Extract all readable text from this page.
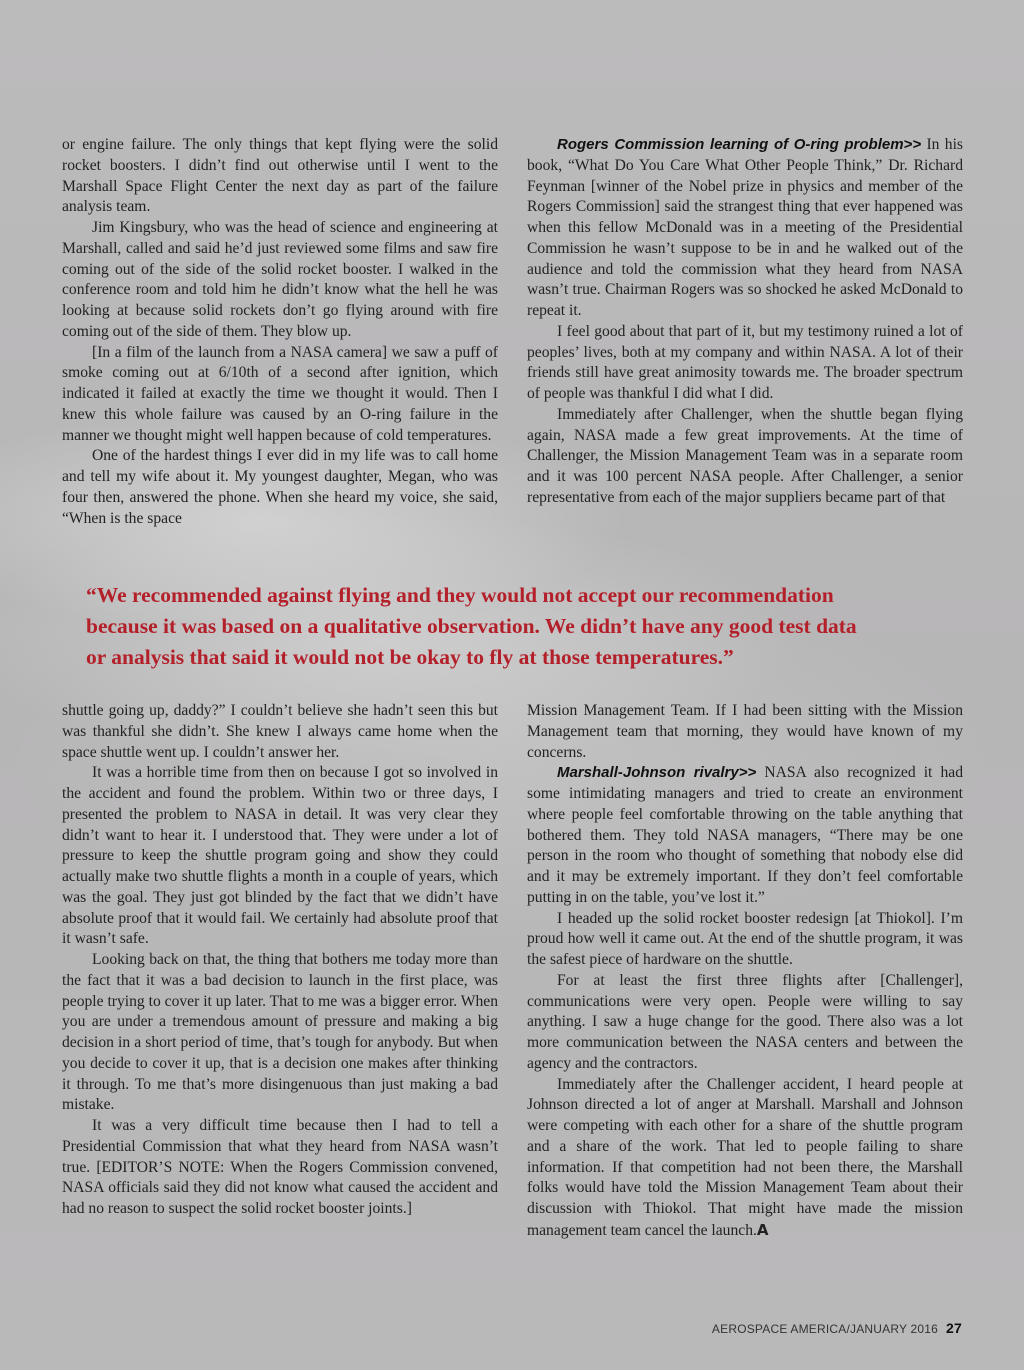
or engine failure. The only things that kept flying were the solid rocket boosters. I didn’t find out otherwise until I went to the Marshall Space Flight Center the next day as part of the failure analysis team.

Jim Kingsbury, who was the head of science and engineering at Marshall, called and said he’d just reviewed some films and saw fire coming out of the side of the solid rocket booster. I walked in the conference room and told him he didn’t know what the hell he was looking at because solid rockets don’t go flying around with fire coming out of the side of them. They blow up.

[In a film of the launch from a NASA camera] we saw a puff of smoke coming out at 6/10th of a second after ignition, which indicated it failed at exactly the time we thought it would. Then I knew this whole failure was caused by an O-ring failure in the manner we thought might well happen because of cold temperatures.

One of the hardest things I ever did in my life was to call home and tell my wife about it. My youngest daughter, Megan, who was four then, answered the phone. When she heard my voice, she said, “When is the space

Rogers Commission learning of O-ring problem>> In his book, “What Do You Care What Other People Think,” Dr. Richard Feynman [winner of the Nobel prize in physics and member of the Rogers Commission] said the strangest thing that ever happened was when this fellow McDonald was in a meeting of the Presidential Commission he wasn’t suppose to be in and he walked out of the audience and told the commission what they heard from NASA wasn’t true. Chairman Rogers was so shocked he asked McDonald to repeat it.

I feel good about that part of it, but my testimony ruined a lot of peoples’ lives, both at my company and within NASA. A lot of their friends still have great animosity towards me. The broader spectrum of people was thankful I did what I did.

Immediately after Challenger, when the shuttle began flying again, NASA made a few great improvements. At the time of Challenger, the Mission Management Team was in a separate room and it was 100 percent NASA people. After Challenger, a senior representative from each of the major suppliers became part of that

“We recommended against flying and they would not accept our recommendation
because it was based on a qualitative observation. We didn’t have any good test data
or analysis that said it would not be okay to fly at those temperatures.”

shuttle going up, daddy?” I couldn’t believe she hadn’t seen this but was thankful she didn’t. She knew I always came home when the space shuttle went up. I couldn’t answer her.

It was a horrible time from then on because I got so involved in the accident and found the problem. Within two or three days, I presented the problem to NASA in detail. It was very clear they didn’t want to hear it. I understood that. They were under a lot of pressure to keep the shuttle program going and show they could actually make two shuttle flights a month in a couple of years, which was the goal. They just got blinded by the fact that we didn’t have absolute proof that it would fail. We certainly had absolute proof that it wasn’t safe.

Looking back on that, the thing that bothers me today more than the fact that it was a bad decision to launch in the first place, was people trying to cover it up later. That to me was a bigger error. When you are under a tremendous amount of pressure and making a big decision in a short period of time, that’s tough for anybody. But when you decide to cover it up, that is a decision one makes after thinking it through. To me that’s more disingenuous than just making a bad mistake.

It was a very difficult time because then I had to tell a Presidential Commission that what they heard from NASA wasn’t true. [EDITOR’S NOTE: When the Rogers Commission convened, NASA officials said they did not know what caused the accident and had no reason to suspect the solid rocket booster joints.]

Mission Management Team. If I had been sitting with the Mission Management team that morning, they would have known of my concerns.

Marshall-Johnson rivalry>> NASA also recognized it had some intimidating managers and tried to create an environment where people feel comfortable throwing on the table anything that bothered them. They told NASA managers, “There may be one person in the room who thought of something that nobody else did and it may be extremely important. If they don’t feel comfortable putting in on the table, you’ve lost it.”

I headed up the solid rocket booster redesign [at Thiokol]. I’m proud how well it came out. At the end of the shuttle program, it was the safest piece of hardware on the shuttle.

For at least the first three flights after [Challenger], communications were very open. People were willing to say anything. I saw a huge change for the good. There also was a lot more communication between the NASA centers and between the agency and the contractors.

Immediately after the Challenger accident, I heard people at Johnson directed a lot of anger at Marshall. Marshall and Johnson were competing with each other for a share of the shuttle program and a share of the work. That led to people failing to share information. If that competition had not been there, the Marshall folks would have told the Mission Management Team about their discussion with Thiokol. That might have made the mission management team cancel the launch.A

AEROSPACE AMERICA/JANUARY 2016 27
